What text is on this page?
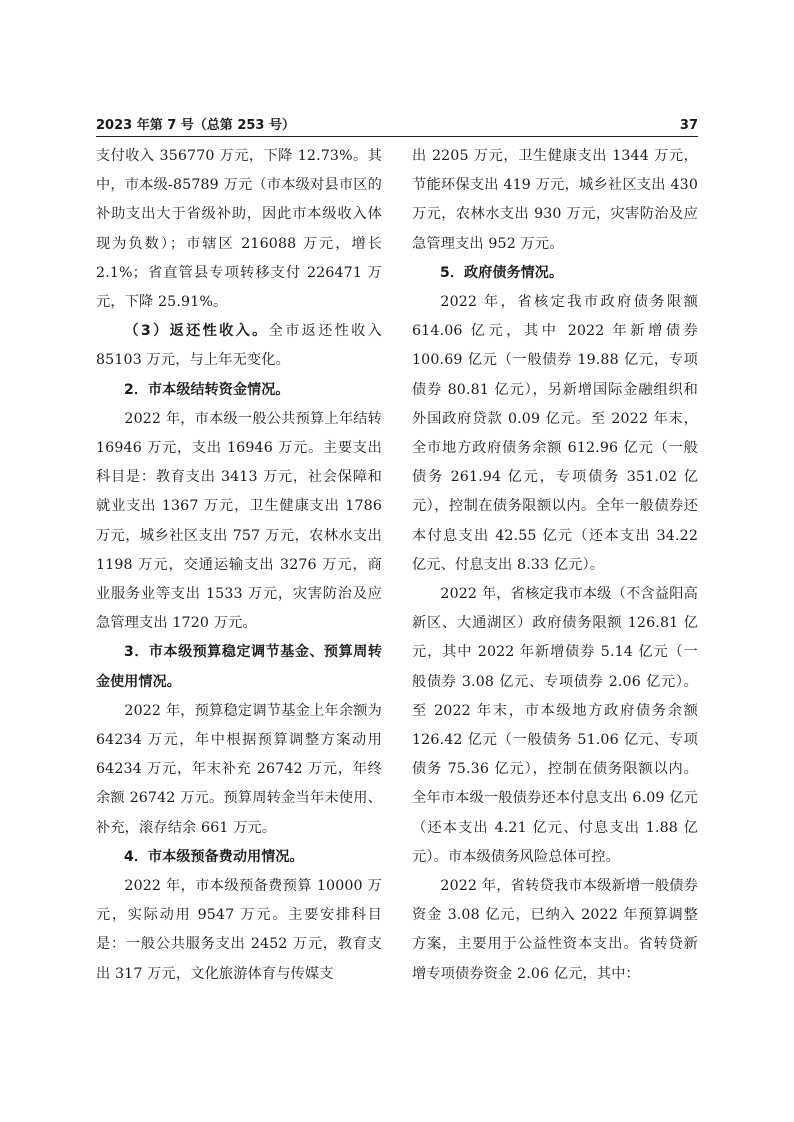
2023 年第 7 号（总第 253 号）	37

支付收入 356770 万元，下降 12.73%。其中，市本级-85789 万元（市本级对县市区的补助支出大于省级补助，因此市本级收入体现为负数）；市辖区 216088 万元，增长 2.1%；省直管县专项转移支付 226471 万元，下降 25.91%。

（3）返还性收入。全市返还性收入 85103 万元，与上年无变化。

2．市本级结转资金情况。

2022 年，市本级一般公共预算上年结转 16946 万元，支出 16946 万元。主要支出科目是：教育支出 3413 万元，社会保障和就业支出 1367 万元，卫生健康支出 1786 万元，城乡社区支出 757 万元，农林水支出 1198 万元，交通运输支出 3276 万元，商业服务业等支出 1533 万元，灾害防治及应急管理支出 1720 万元。

3．市本级预算稳定调节基金、预算周转金使用情况。

2022 年，预算稳定调节基金上年余额为 64234 万元，年中根据预算调整方案动用 64234 万元，年末补充 26742 万元，年终余额 26742 万元。预算周转金当年未使用、补充，滚存结余 661 万元。

4．市本级预备费动用情况。

2022 年，市本级预备费预算 10000 万元，实际动用 9547 万元。主要安排科目是：一般公共服务支出 2452 万元，教育支出 317 万元，文化旅游体育与传媒支

出 2205 万元，卫生健康支出 1344 万元，节能环保支出 419 万元，城乡社区支出 430 万元，农林水支出 930 万元，灾害防治及应急管理支出 952 万元。

5．政府债务情况。

2022 年，省核定我市政府债务限额 614.06 亿元，其中 2022 年新增债券 100.69 亿元（一般债券 19.88 亿元，专项债券 80.81 亿元），另新增国际金融组织和外国政府贷款 0.09 亿元。至 2022 年末，全市地方政府债务余额 612.96 亿元（一般债务 261.94 亿元，专项债务 351.02 亿元），控制在债务限额以内。全年一般债券还本付息支出 42.55 亿元（还本支出 34.22 亿元、付息支出 8.33 亿元）。

2022 年，省核定我市本级（不含益阳高新区、大通湖区）政府债务限额 126.81 亿元，其中 2022 年新增债券 5.14 亿元（一般债券 3.08 亿元、专项债券 2.06 亿元）。至 2022 年末，市本级地方政府债务余额 126.42 亿元（一般债务 51.06 亿元、专项债务 75.36 亿元），控制在债务限额以内。全年市本级一般债券还本付息支出 6.09 亿元（还本支出 4.21 亿元、付息支出 1.88 亿元）。市本级债务风险总体可控。

2022 年，省转贷我市本级新增一般债券资金 3.08 亿元，已纳入 2022 年预算调整方案，主要用于公益性资本支出。省转贷新增专项债券资金 2.06 亿元，其中：
